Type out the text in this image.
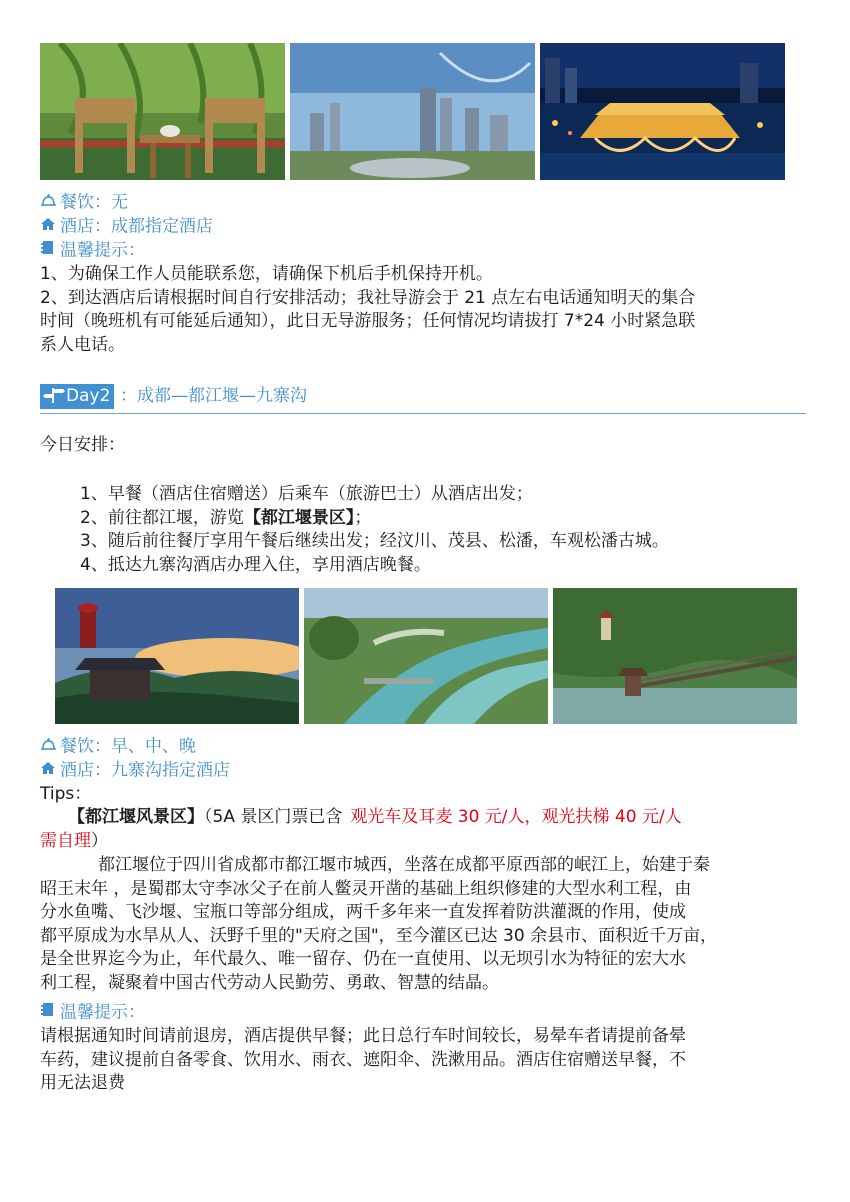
餐饮：无
酒店：成都指定酒店
温馨提示：
1、为确保工作人员能联系您，请确保下机后手机保持开机。
2、到达酒店后请根据时间自行安排活动；我社导游会于 21 点左右电话通知明天的集合
时间（晚班机有可能延后通知），此日无导游服务；任何情况均请拔打 7*24 小时紧急联
系人电话。
Day2 ：成都—都江堰—九寨沟
今日安排：
1、早餐（酒店住宿赠送）后乘车（旅游巴士）从酒店出发；
2、前往都江堰，游览【都江堰景区】；
3、随后前往餐厅享用午餐后继续出发；经汶川、茂县、松潘，车观松潘古城。
4、抵达九寨沟酒店办理入住，享用酒店晚餐。
餐饮：早、中、晚
酒店：九寨沟指定酒店
Tips：
【都江堰风景区】（5A 景区门票已含 观光车及耳麦 30 元/人，观光扶梯 40 元/人
需自理）
都江堰位于四川省成都市都江堰市城西，坐落在成都平原西部的岷江上，始建于秦
昭王末年 ，是蜀郡太守李冰父子在前人鳖灵开凿的基础上组织修建的大型水利工程，由
分水鱼嘴、飞沙堰、宝瓶口等部分组成，两千多年来一直发挥着防洪灌溉的作用，使成
都平原成为水旱从人、沃野千里的"天府之国"，至今灌区已达 30 余县市、面积近千万亩，
是全世界迄今为止，年代最久、唯一留存、仍在一直使用、以无坝引水为特征的宏大水
利工程，凝聚着中国古代劳动人民勤劳、勇敢、智慧的结晶。
温馨提示：
请根据通知时间请前退房，酒店提供早餐；此日总行车时间较长，易晕车者请提前备晕
车药，建议提前自备零食、饮用水、雨衣、遮阳伞、洗漱用品。酒店住宿赠送早餐，不
用无法退费
